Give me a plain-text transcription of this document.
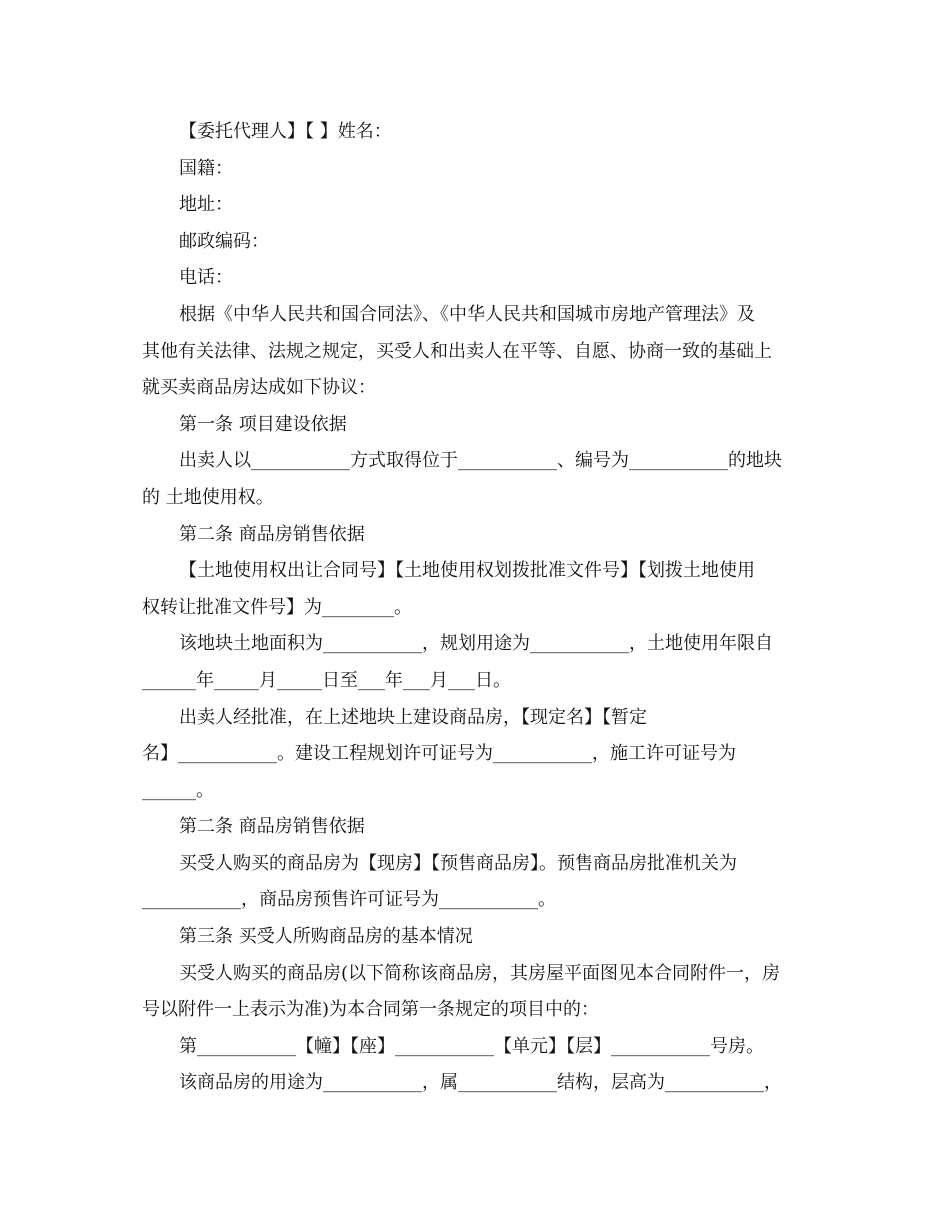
【委托代理人】【 】姓名：
国籍：
地址：
邮政编码：
电话：
根据《中华人民共和国合同法》、《中华人民共和国城市房地产管理法》及
其他有关法律、法规之规定，买受人和出卖人在平等、自愿、协商一致的基础上
就买卖商品房达成如下协议：
第一条 项目建设依据
出卖人以___________方式取得位于___________、编号为___________的地块
的 土地使用权。
第二条 商品房销售依据
【土地使用权出让合同号】【土地使用权划拨批准文件号】【划拨土地使用
权转让批准文件号】为________。
该地块土地面积为___________，规划用途为___________，土地使用年限自
______年_____月_____日至___年___月___日。
出卖人经批准，在上述地块上建设商品房，【现定名】【暂定
名】___________。建设工程规划许可证号为___________，施工许可证号为
______。
第二条 商品房销售依据
买受人购买的商品房为【现房】【预售商品房】。预售商品房批准机关为
___________，商品房预售许可证号为___________。
第三条 买受人所购商品房的基本情况
买受人购买的商品房(以下简称该商品房，其房屋平面图见本合同附件一，房
号以附件一上表示为准)为本合同第一条规定的项目中的：
第___________【幢】【座】___________【单元】【层】___________号房。
该商品房的用途为___________，属___________结构，层高为___________，
